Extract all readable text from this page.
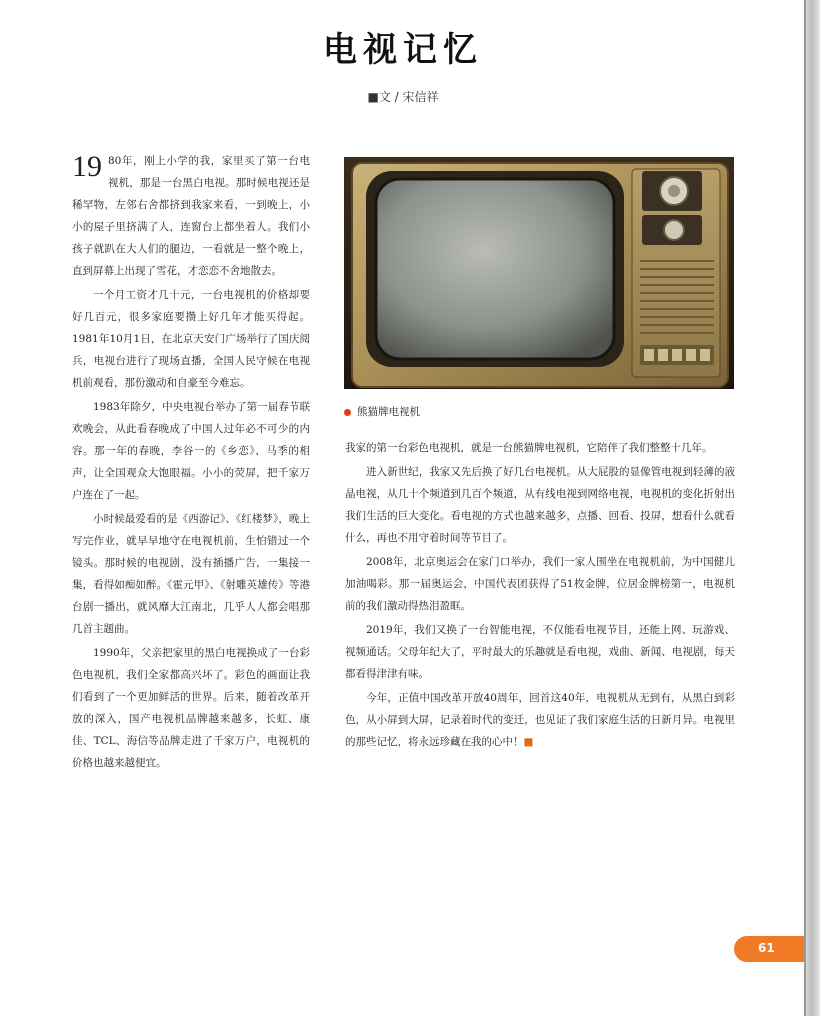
电视记忆
■文 / 宋信祥

19 80年，刚上小学的我，家里买了第一台电视机，那是一台黑白电视。那时候电视还是稀罕物，左邻右舍都挤到我家来看，一到晚上，小小的屋子里挤满了人，连窗台上都坐着人。我们小孩子就趴在大人们的腿边，一看就是一整个晚上，直到屏幕上出现了雪花，才恋恋不舍地散去。

一个月工资才几十元，一台电视机的价格却要好几百元，很多家庭要攒上好几年才能买得起。1981年10月1日，在北京天安门广场举行了国庆阅兵，电视台进行了现场直播，全国人民守候在电视机前观看，那份激动和自豪至今难忘。

1983年除夕，中央电视台举办了第一届春节联欢晚会，从此看春晚成了中国人过年必不可少的内容。那一年的春晚，李谷一的《乡恋》、马季的相声，让全国观众大饱眼福。小小的荧屏，把千家万户连在了一起。

小时候最爱看的是《西游记》、《红楼梦》，晚上写完作业，就早早地守在电视机前，生怕错过一个镜头。那时候的电视剧，没有插播广告，一集接一集，看得如痴如醉。《霍元甲》、《射雕英雄传》等港台剧一播出，就风靡大江南北，几乎人人都会唱那几首主题曲。

1990年，父亲把家里的黑白电视换成了一台彩色电视机，我们全家都高兴坏了。彩色的画面让我们看到了一个更加鲜活的世界。后来，随着改革开放的深入，国产电视机品牌越来越多，长虹、康佳、TCL、海信等品牌走进了千家万户，电视机的价格也越来越便宜。

熊猫牌电视机

我家的第一台彩色电视机，就是一台熊猫牌电视机，它陪伴了我们整整十几年。

进入新世纪，我家又先后换了好几台电视机。从大屁股的显像管电视到轻薄的液晶电视，从几十个频道到几百个频道，从有线电视到网络电视，电视机的变化折射出我们生活的巨大变化。看电视的方式也越来越多，点播、回看、投屏，想看什么就看什么，再也不用守着时间等节目了。

2008年，北京奥运会在家门口举办，我们一家人围坐在电视机前，为中国健儿加油喝彩。那一届奥运会，中国代表团获得了51枚金牌，位居金牌榜第一，电视机前的我们激动得热泪盈眶。

2019年，我们又换了一台智能电视，不仅能看电视节目，还能上网、玩游戏、视频通话。父母年纪大了，平时最大的乐趣就是看电视，戏曲、新闻、电视剧，每天都看得津津有味。

今年，正值中国改革开放40周年，回首这40年，电视机从无到有，从黑白到彩色，从小屏到大屏，记录着时代的变迁，也见证了我们家庭生活的日新月异。电视里的那些记忆，将永远珍藏在我的心中！■

61
